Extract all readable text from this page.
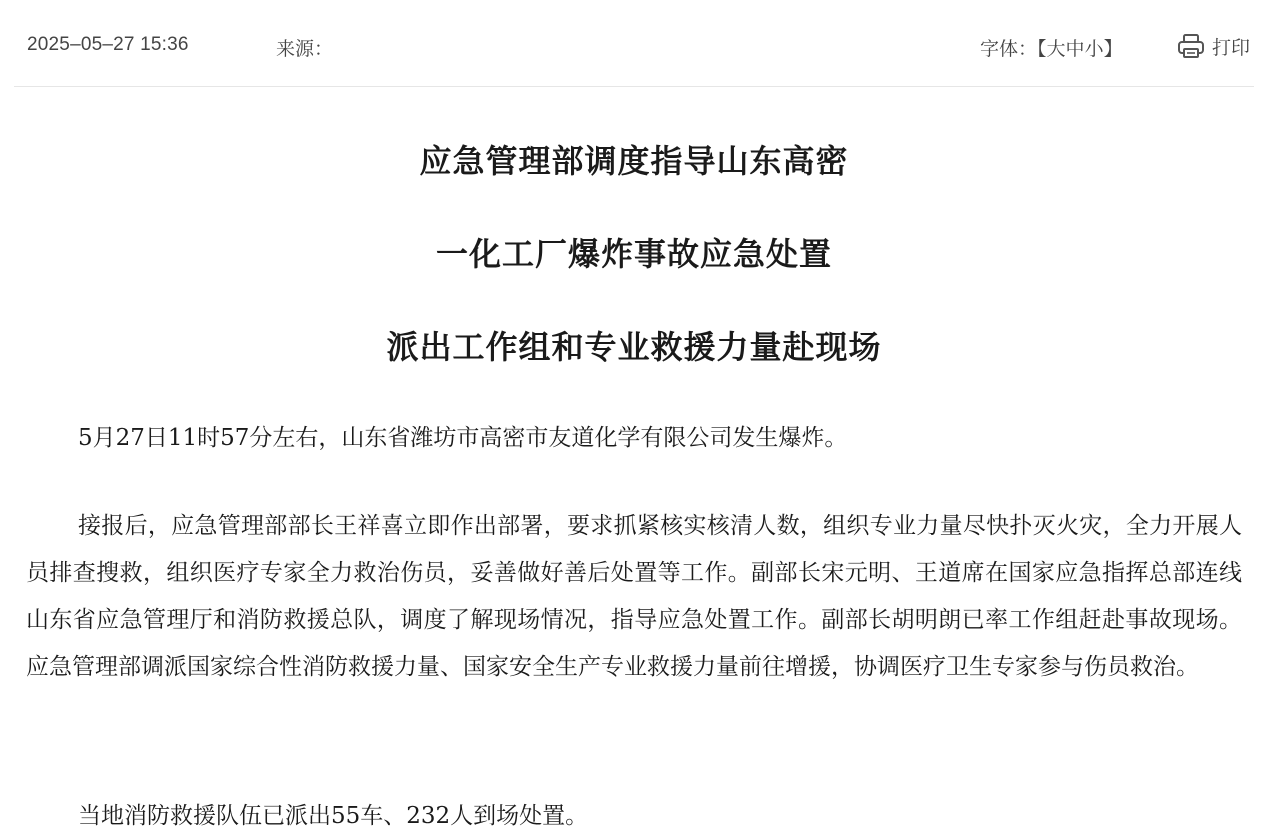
2025–05–27 15:36	来源：	字体：【大中小】	打印
应急管理部调度指导山东高密
一化工厂爆炸事故应急处置
派出工作组和专业救援力量赴现场

5月27日11时57分左右，山东省潍坊市高密市友道化学有限公司发生爆炸。

接报后，应急管理部部长王祥喜立即作出部署，要求抓紧核实核清人数，组织专业力量尽快扑灭火灾，全力开展人员排查搜救，组织医疗专家全力救治伤员，妥善做好善后处置等工作。副部长宋元明、王道席在国家应急指挥总部连线山东省应急管理厅和消防救援总队，调度了解现场情况，指导应急处置工作。副部长胡明朗已率工作组赶赴事故现场。应急管理部调派国家综合性消防救援力量、国家安全生产专业救援力量前往增援，协调医疗卫生专家参与伤员救治。

当地消防救援队伍已派出55车、232人到场处置。
